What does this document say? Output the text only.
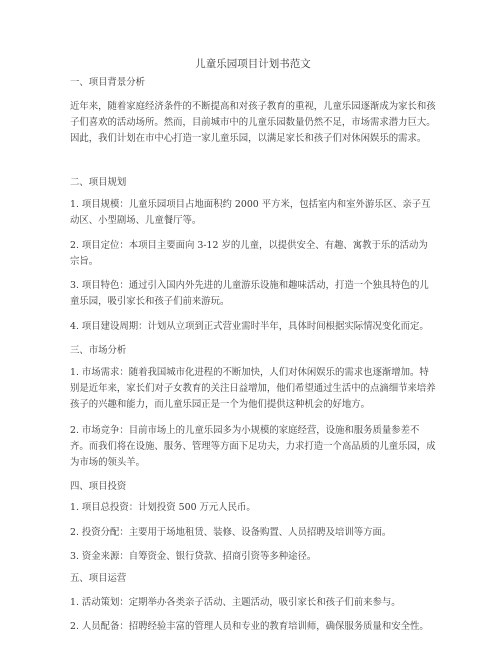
儿童乐园项目计划书范文
一、项目背景分析

近年来，随着家庭经济条件的不断提高和对孩子教育的重视，儿童乐园逐渐成为家长和孩子们喜欢的活动场所。然而，目前城市中的儿童乐园数量仍然不足，市场需求潜力巨大。因此，我们计划在市中心打造一家儿童乐园，以满足家长和孩子们对休闲娱乐的需求。

二、项目规划

1. 项目规模：儿童乐园项目占地面积约 2000 平方米，包括室内和室外游乐区、亲子互动区、小型剧场、儿童餐厅等。

2. 项目定位：本项目主要面向 3-12 岁的儿童，以提供安全、有趣、寓教于乐的活动为宗旨。

3. 项目特色：通过引入国内外先进的儿童游乐设施和趣味活动，打造一个独具特色的儿童乐园，吸引家长和孩子们前来游玩。

4. 项目建设周期：计划从立项到正式营业需时半年，具体时间根据实际情况变化而定。

三、市场分析

1. 市场需求：随着我国城市化进程的不断加快，人们对休闲娱乐的需求也逐渐增加。特别是近年来，家长们对子女教育的关注日益增加，他们希望通过生活中的点滴细节来培养孩子的兴趣和能力，而儿童乐园正是一个为他们提供这种机会的好地方。

2. 市场竞争：目前市场上的儿童乐园多为小规模的家庭经营，设施和服务质量参差不齐。而我们将在设施、服务、管理等方面下足功夫，力求打造一个高品质的儿童乐园，成为市场的领头羊。

四、项目投资

1. 项目总投资：计划投资 500 万元人民币。

2. 投资分配：主要用于场地租赁、装修、设备购置、人员招聘及培训等方面。

3. 资金来源：自筹资金、银行贷款、招商引资等多种途径。

五、项目运营

1. 活动策划：定期举办各类亲子活动、主题活动，吸引家长和孩子们前来参与。

2. 人员配备：招聘经验丰富的管理人员和专业的教育培训师，确保服务质量和安全性。
